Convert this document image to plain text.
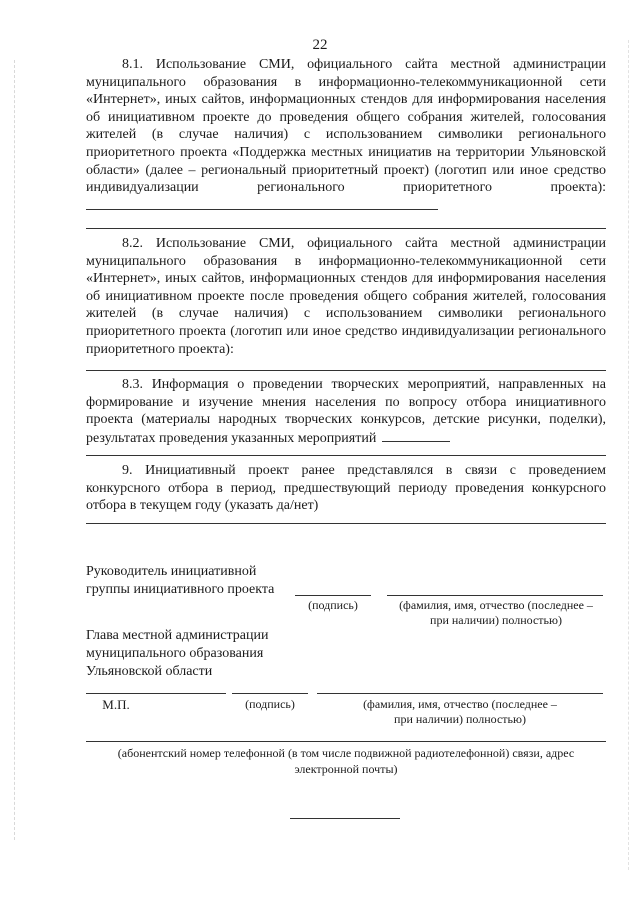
22

8.1. Использование СМИ, официального сайта местной администрации муниципального образования в информационно-телекоммуникационной сети «Интернет», иных сайтов, информационных стендов для информирования населения об инициативном проекте до проведения общего собрания жителей, голосования жителей (в случае наличия) с использованием символики регионального приоритетного проекта «Поддержка местных инициатив на территории Ульяновской области» (далее – региональный приоритетный проект) (логотип или иное средство индивидуализации регионального приоритетного проекта):

8.2. Использование СМИ, официального сайта местной администрации муниципального образования в информационно-телекоммуникационной сети «Интернет», иных сайтов, информационных стендов для информирования населения об инициативном проекте после проведения общего собрания жителей, голосования жителей (в случае наличия) с использованием символики регионального приоритетного проекта (логотип или иное средство индивидуализации регионального приоритетного проекта):

8.3. Информация о проведении творческих мероприятий, направленных на формирование и изучение мнения населения по вопросу отбора инициативного проекта (материалы народных творческих конкурсов, детские рисунки, поделки), результатах проведения указанных мероприятий

9. Инициативный проект ранее представлялся в связи с проведением конкурсного отбора в период, предшествующий периоду проведения конкурсного отбора в текущем году (указать да/нет)

Руководитель инициативной
группы инициативного проекта
(подпись)	(фамилия, имя, отчество (последнее –
при наличии) полностью)
Глава местной администрации
муниципального образования
Ульяновской области
М.П.	(подпись)	(фамилия, имя, отчество (последнее –
при наличии) полностью)
(абонентский номер телефонной (в том числе подвижной радиотелефонной) связи, адрес электронной почты)
